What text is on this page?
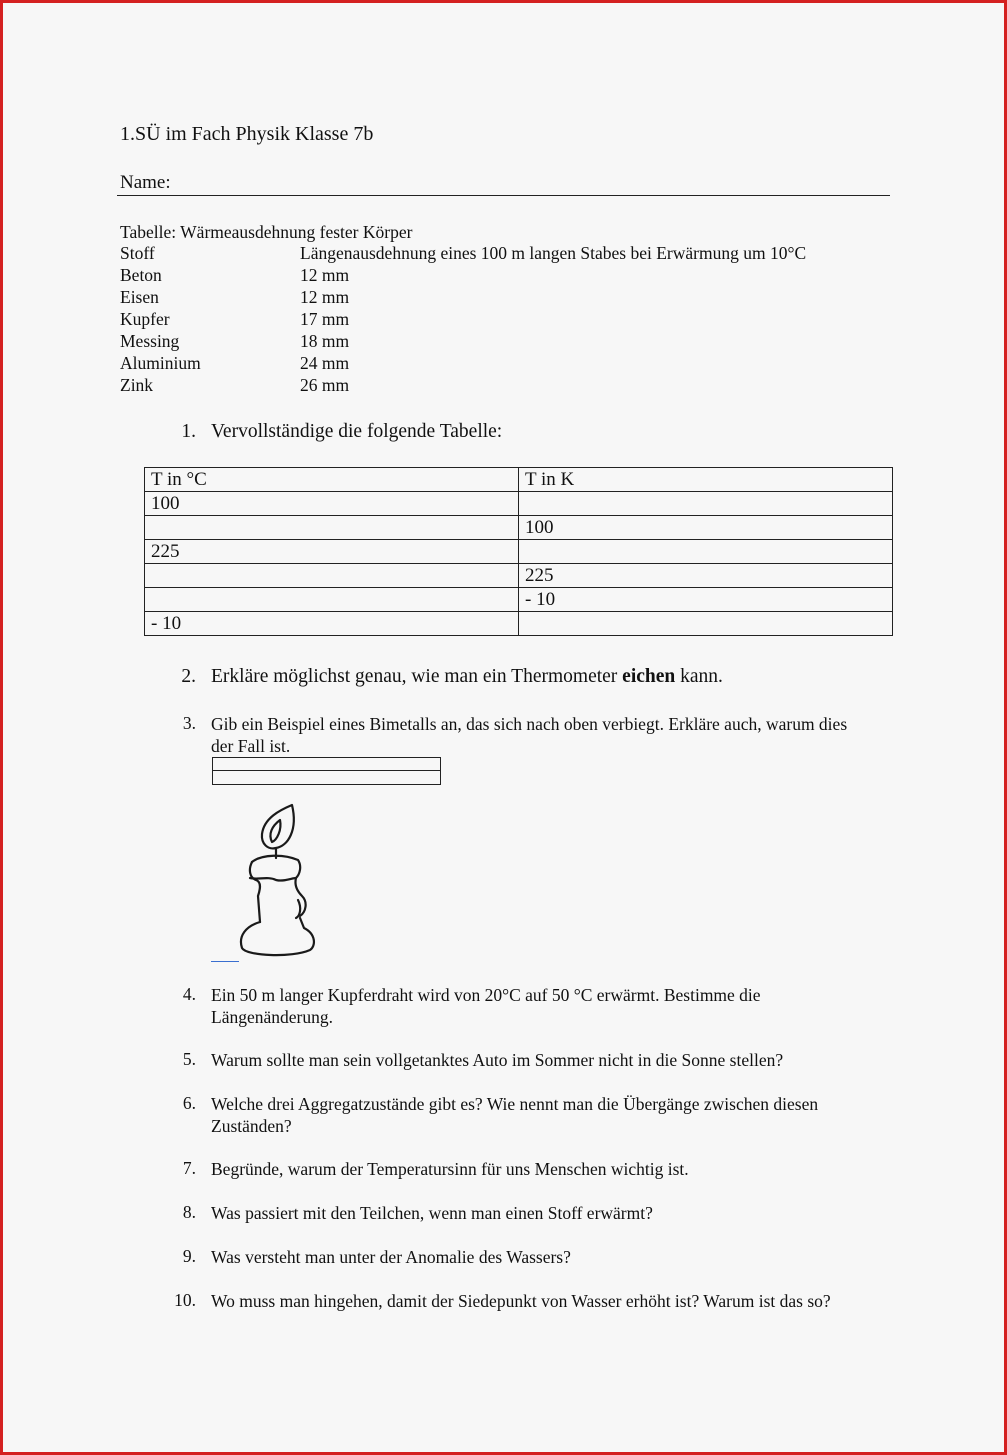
1.SÜ im Fach Physik Klasse 7b
Name:
Tabelle: Wärmeausdehnung fester Körper
Stoff	Längenausdehnung eines 100 m langen Stabes bei Erwärmung um 10°C
Beton	12 mm
Eisen	12 mm
Kupfer	17 mm
Messing	18 mm
Aluminium	24 mm
Zink	26 mm
1. Vervollständige die folgende Tabelle:
T in °C	T in K
100	
	100
225	
	225
	- 10
- 10	
2. Erkläre möglichst genau, wie man ein Thermometer eichen kann.
3. Gib ein Beispiel eines Bimetalls an, das sich nach oben verbiegt. Erkläre auch, warum dies der Fall ist.
4. Ein 50 m langer Kupferdraht wird von 20°C auf 50 °C erwärmt. Bestimme die Längenänderung.
5. Warum sollte man sein vollgetanktes Auto im Sommer nicht in die Sonne stellen?
6. Welche drei Aggregatzustände gibt es? Wie nennt man die Übergänge zwischen diesen Zuständen?
7. Begründe, warum der Temperatursinn für uns Menschen wichtig ist.
8. Was passiert mit den Teilchen, wenn man einen Stoff erwärmt?
9. Was versteht man unter der Anomalie des Wassers?
10. Wo muss man hingehen, damit der Siedepunkt von Wasser erhöht ist? Warum ist das so?
